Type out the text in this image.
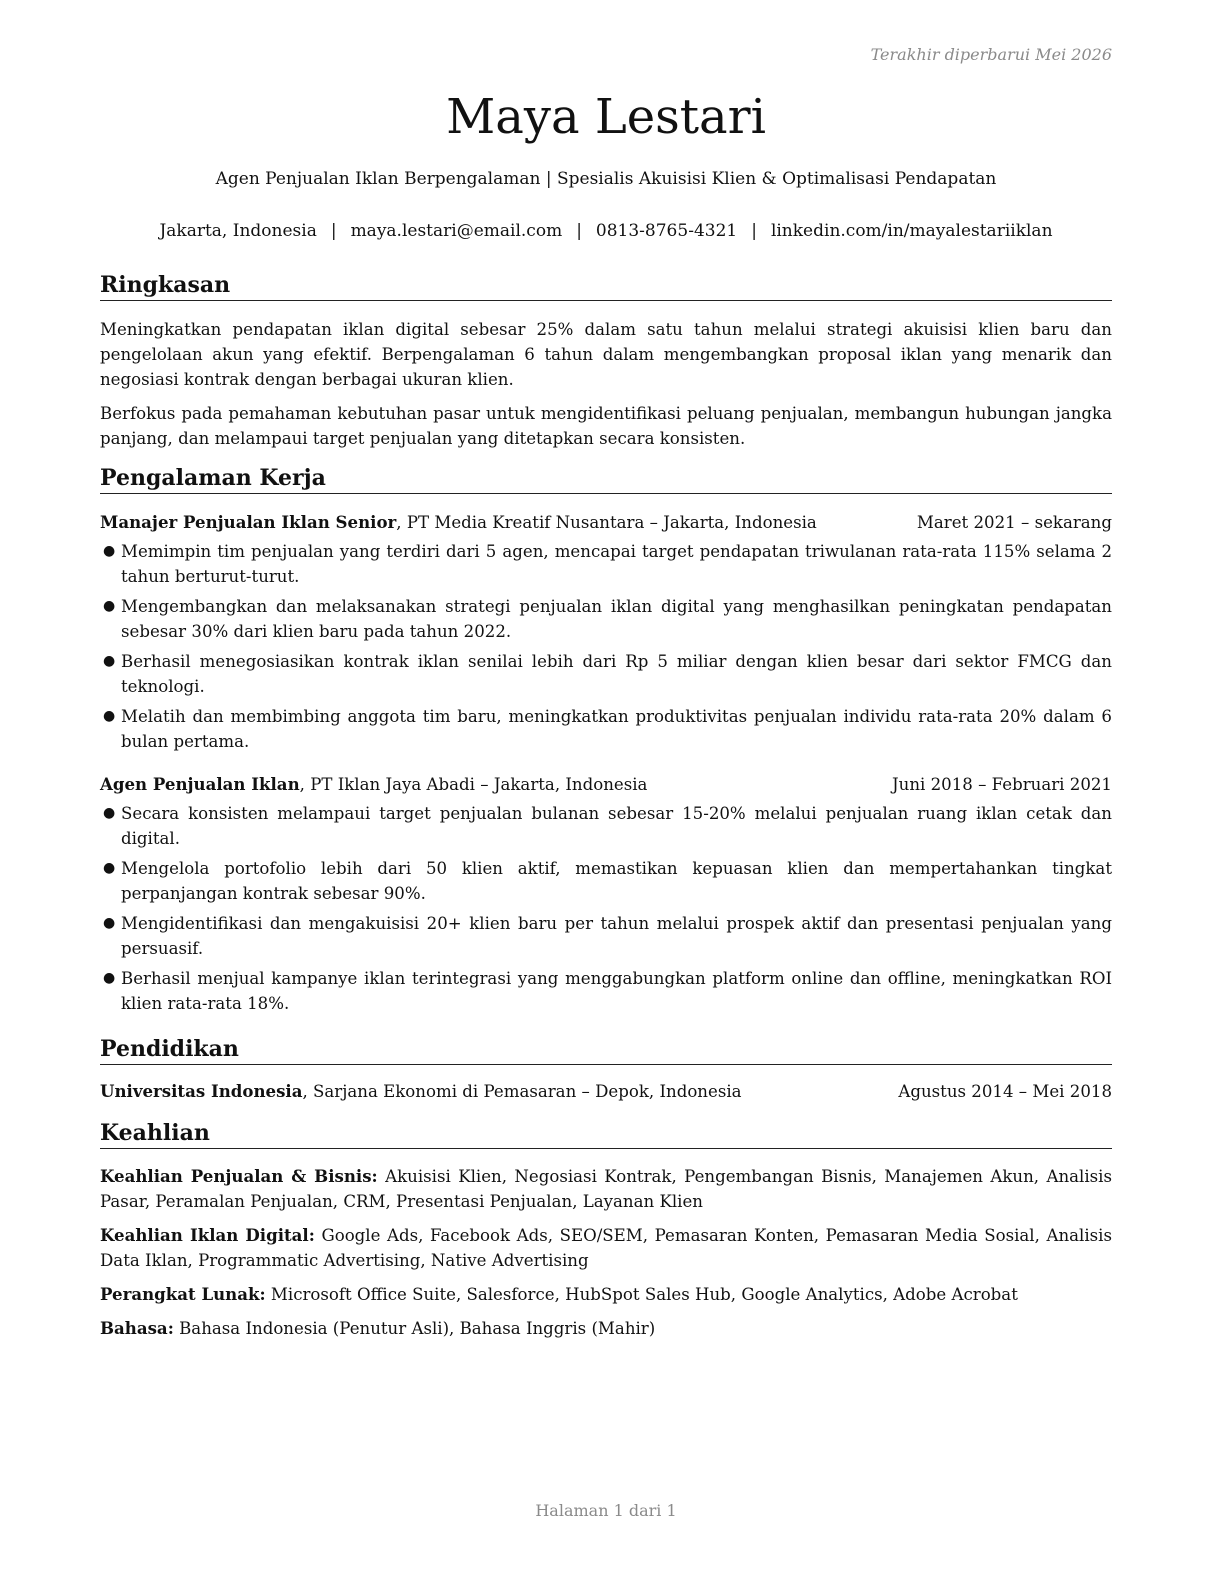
Terakhir diperbarui Mei 2026
Maya Lestari
Agen Penjualan Iklan Berpengalaman | Spesialis Akuisisi Klien & Optimalisasi Pendapatan
Jakarta, Indonesia | maya.lestari@email.com | 0813-8765-4321 | linkedin.com/in/mayalestariiklan
Ringkasan

Meningkatkan pendapatan iklan digital sebesar 25% dalam satu tahun melalui strategi akuisisi klien baru dan pengelolaan akun yang efektif. Berpengalaman 6 tahun dalam mengembangkan proposal iklan yang menarik dan negosiasi kontrak dengan berbagai ukuran klien.

Berfokus pada pemahaman kebutuhan pasar untuk mengidentifikasi peluang penjualan, membangun hubungan jangka panjang, dan melampaui target penjualan yang ditetapkan secara konsisten.

Pengalaman Kerja
Manajer Penjualan Iklan Senior, PT Media Kreatif Nusantara – Jakarta, Indonesia	Maret 2021 – sekarang
● Memimpin tim penjualan yang terdiri dari 5 agen, mencapai target pendapatan triwulanan rata-rata 115% selama 2 tahun berturut-turut.
● Mengembangkan dan melaksanakan strategi penjualan iklan digital yang menghasilkan peningkatan pendapatan sebesar 30% dari klien baru pada tahun 2022.
● Berhasil menegosiasikan kontrak iklan senilai lebih dari Rp 5 miliar dengan klien besar dari sektor FMCG dan teknologi.
● Melatih dan membimbing anggota tim baru, meningkatkan produktivitas penjualan individu rata-rata 20% dalam 6 bulan pertama.
Agen Penjualan Iklan, PT Iklan Jaya Abadi – Jakarta, Indonesia	Juni 2018 – Februari 2021
● Secara konsisten melampaui target penjualan bulanan sebesar 15-20% melalui penjualan ruang iklan cetak dan digital.
● Mengelola portofolio lebih dari 50 klien aktif, memastikan kepuasan klien dan mempertahankan tingkat perpanjangan kontrak sebesar 90%.
● Mengidentifikasi dan mengakuisisi 20+ klien baru per tahun melalui prospek aktif dan presentasi penjualan yang persuasif.
● Berhasil menjual kampanye iklan terintegrasi yang menggabungkan platform online dan offline, meningkatkan ROI klien rata-rata 18%.
Pendidikan
Universitas Indonesia, Sarjana Ekonomi di Pemasaran – Depok, Indonesia	Agustus 2014 – Mei 2018
Keahlian

Keahlian Penjualan & Bisnis: Akuisisi Klien, Negosiasi Kontrak, Pengembangan Bisnis, Manajemen Akun, Analisis Pasar, Peramalan Penjualan, CRM, Presentasi Penjualan, Layanan Klien

Keahlian Iklan Digital: Google Ads, Facebook Ads, SEO/SEM, Pemasaran Konten, Pemasaran Media Sosial, Analisis Data Iklan, Programmatic Advertising, Native Advertising

Perangkat Lunak: Microsoft Office Suite, Salesforce, HubSpot Sales Hub, Google Analytics, Adobe Acrobat

Bahasa: Bahasa Indonesia (Penutur Asli), Bahasa Inggris (Mahir)

Halaman 1 dari 1
